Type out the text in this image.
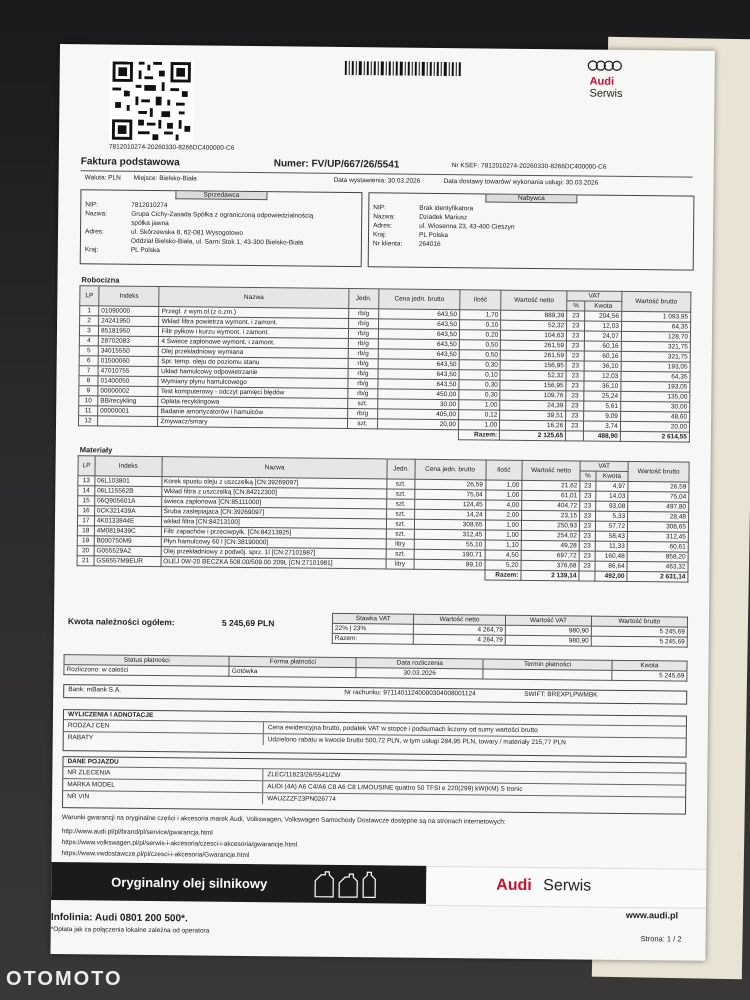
7812010274-20260330-8266DC400000-C6
Audi
Serwis
Faktura podstawowa	Numer: FV/UP/667/26/5541	Nr KSEF: 7812010274-20260330-8266DC400000-C6
Waluta: PLN Miejsce: Bielsko-Biała	Data wystawienia: 30.03.2026	Data dostawy towarów/ wykonania usługi: 30.03.2026
Sprzedawca
NIP:	7812010274
Nazwa:	Grupa Cichy-Zasada Spółka z ograniczoną odpowiedzialnością
spółka jawna
Adres:	ul. Skórzewska 8, 62-081 Wysogotowo
Oddział Bielsko-Biała, ul. Sarni Stok 1, 43-300 Bielsko-Biała
Kraj:	PL Polska
Nabywca
NIP:	Brak identyfikatora
Nazwa:	Dziadek Mariusz
Adres:	ul. Wiosenna 23, 43-400 Cieszyn
Kraj:	PL Polska
Nr klienta:	264016
Robocizna
LP	Indeks	Nazwa	Jedn.	Cena jedn. brutto	Ilość	Wartość netto	VAT		Wartość brutto
							%	Kwota	
1	01090000	Przegl. z wym.ol.(z o.zm.)	rb/g	643,50	1,70	889,39	23	204,56	1 093,95
2	24241950	Wkład filtra powietrza wymont. i zamont.	rb/g	643,50	0,10	52,32	23	12,03	64,35
3	85181950	Filtr pyłkow i kurzu wymont. i zamont.	rb/g	643,50	0,20	104,63	23	24,07	128,70
4	28702083	4 Świece zapłonowe wymont. i zamont.	rb/g	643,50	0,50	261,59	23	60,16	321,75
5	34015550	Olej przekładniowy wymiana	rb/g	643,50	0,50	261,59	23	60,16	321,75
6	01500060	Spr. temp. oleju do poziomu stanu	rb/g	643,50	0,30	156,95	23	36,10	193,05
7	47010755	Układ hamulcowy odpowietrzanie	rb/g	643,50	0,10	52,32	23	12,03	64,35
8	01400050	Wymiany płynu hamulcowego	rb/g	643,50	0,30	156,95	23	36,10	193,05
9	00000002	Test komputerowy - odczyt pamięci błędów	rb/g	450,00	0,30	109,76	23	25,24	135,00
10	BB/recykling	Opłata recyklingowa	szt.	30,00	1,00	24,39	23	5,61	30,00
11	00000001	Badanie amortyzatorów i hamulców	rb/g	405,00	0,12	39,51	23	9,09	48,60
12		Zmywacz/smary	szt.	20,00	1,00	16,26	23	3,74	20,00
					Razem:	2 125,65		488,90	2 614,55
Materiały
LP	Indeks	Nazwa	Jedn.	Cena jedn. brutto	Ilość	Wartość netto	VAT		Wartość brutto
							%	Kwota	
13	06L103801	Korek spustu oleju z uszczelką [CN:39269097]	szt.	26,59	1,00	21,62	23	4,97	26,59
14	06L115562B	Wkład filtra z uszczelką [CN:84212300]	szt.	75,04	1,00	61,01	23	14,03	75,04
15	06Q905601A	świeca zapłonowa [CN:85111000]	szt.	124,45	4,00	404,72	23	93,08	497,80
16	0CK321439A	Śruba zaslepiajaca [CN:39269097]	szt.	14,24	2,00	23,15	23	5,33	28,48
17	4K0133844E	wkład filtra [CN:84213100]	szt.	308,65	1,00	250,93	23	57,72	308,65
18	4M0819439C	Filtr zapachów i przeciwpyłk. [CN:84213925]	szt.	312,45	1,00	254,02	23	58,43	312,45
19	B000750M9	Płyn hamulcowy 60 l [CN:38190000]	litry	55,10	1,10	49,28	23	11,33	60,61
20	G055529A2	Olej przekładniowy z podwój. sprz. 1l [CN:27101987]	szt.	190,71	4,50	697,72	23	160,48	858,20
21	GS6557M9EUR	OLEJ 0W-20 BECZKA 508.00/509.00 209L [CN:27101981]	litry	89,10	5,20	376,68	23	86,64	463,32
					Razem:	2 139,14		492,00	2 631,14
Kwota należności ogółem:	5 245,69 PLN	Stawka VAT	Wartość netto	Wartość VAT	Wartość brutto
22% | 23%	4 264,79	980,90	5 245,69
Razem:	4 264,79	980,90	5 245,69
Status płatności	Forma płatności	Data rozliczenia	Termin płatności	Kwota
Rozliczono: w całości	Gotówka	30.03.2026		5 245,69
Bank: mBank S.A.	Nr rachunku: 97114011240000304008001124	SWIFT: BREXPLPWMBK
WYLICZENIA I ADNOTACJE
RODZAJ CEN	Cena ewidencyjna brutto, podatek VAT w stopce i podsumach liczony od sumy wartości brutto
RABATY	Udzielono rabatu w kwocie brutto 500,72 PLN, w tym usługi 284,95 PLN, towary / materiały 215,77 PLN
DANE POJAZDU
NR ZLECENIA	ZLEC/11823/26/5541/ZW
MARKA MODEL	AUDI (4A) A6 C4/A6 C8 A6 C8 LIMOUSINE quattro 50 TFSI e 220(299) kW(KM) S tronic
NR VIN	WAUZZZF23PN026774
Warunki gwarancji na oryginalne części i akcesoria marek Audi, Volkswagen, Volkswagen Samochody Dostawcze dostępne są na stronach internetowych:
http://www.audi.pl/pl/brand/pl/service/gwarancja.html
https://www.volkswagen.pl/pl/serwis-i-akcesoria/czesci-i-akcesoria/gwarancje.html
https://www.vwdostawcze.pl/pl/czesci-i-akcesoria/Gwarancje.html
Oryginalny olej silnikowy	Audi Serwis
Infolinia: Audi 0801 200 500*.	www.audi.pl
*Opłata jak za połączenia lokalne zależna od operatora
Strona: 1 / 2
OTOMOTO
